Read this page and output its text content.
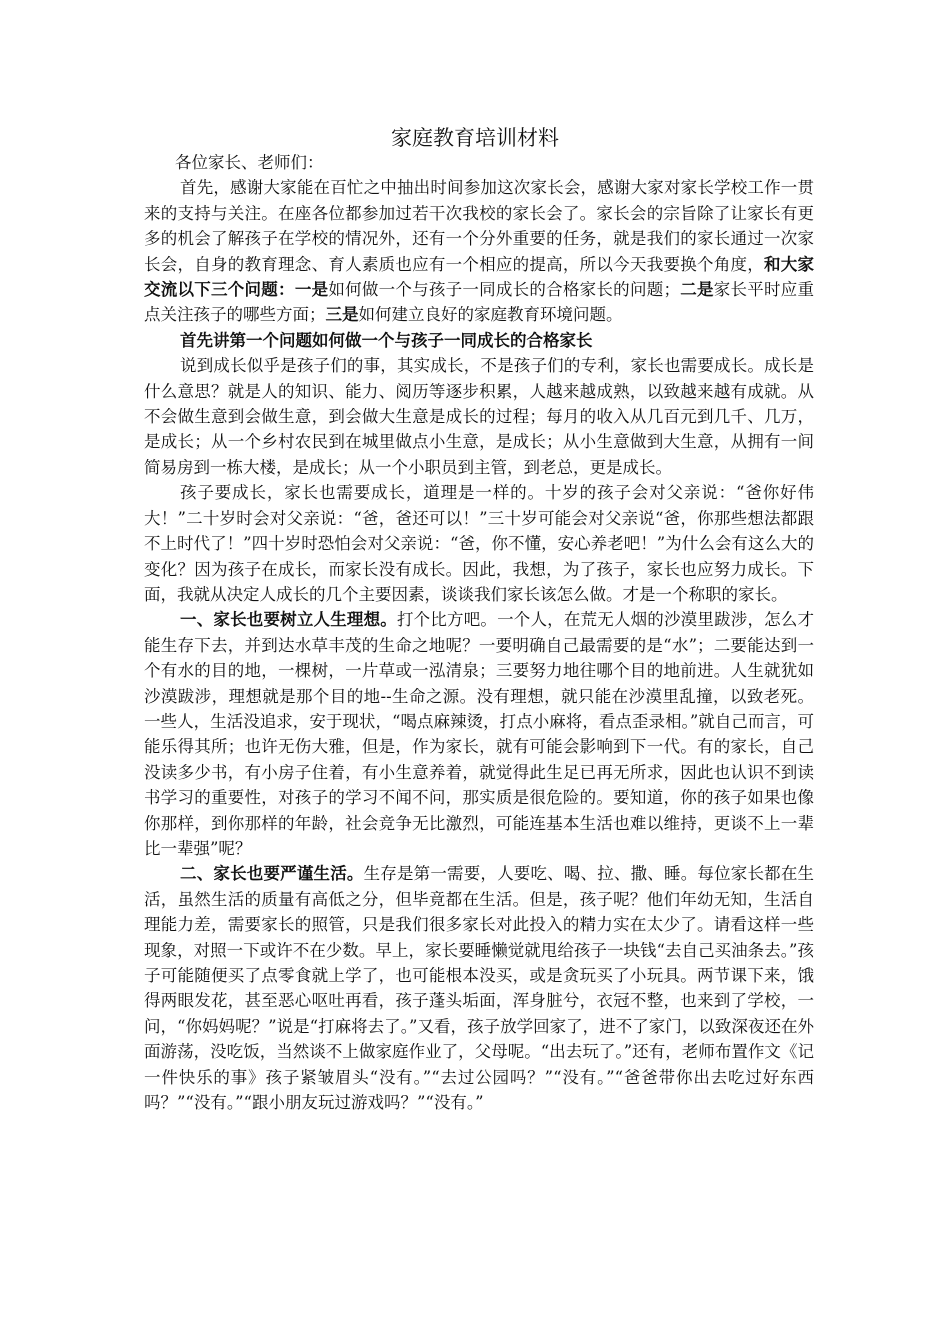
家庭教育培训材料

各位家长、老师们：

首先，感谢大家能在百忙之中抽出时间参加这次家长会，感谢大家对家长学校工作一贯来的支持与关注。在座各位都参加过若干次我校的家长会了。家长会的宗旨除了让家长有更多的机会了解孩子在学校的情况外，还有一个分外重要的任务，就是我们的家长通过一次家长会，自身的教育理念、育人素质也应有一个相应的提高，所以今天我要换个角度，和大家交流以下三个问题：一是如何做一个与孩子一同成长的合格家长的问题；二是家长平时应重点关注孩子的哪些方面；三是如何建立良好的家庭教育环境问题。

首先讲第一个问题如何做一个与孩子一同成长的合格家长

说到成长似乎是孩子们的事，其实成长，不是孩子们的专利，家长也需要成长。成长是什么意思？就是人的知识、能力、阅历等逐步积累，人越来越成熟，以致越来越有成就。从不会做生意到会做生意，到会做大生意是成长的过程；每月的收入从几百元到几千、几万，是成长；从一个乡村农民到在城里做点小生意，是成长；从小生意做到大生意，从拥有一间简易房到一栋大楼，是成长；从一个小职员到主管，到老总，更是成长。

孩子要成长，家长也需要成长，道理是一样的。十岁的孩子会对父亲说：“爸你好伟大！”二十岁时会对父亲说：“爸，爸还可以！”三十岁可能会对父亲说“爸，你那些想法都跟不上时代了！”四十岁时恐怕会对父亲说：“爸，你不懂，安心养老吧！”为什么会有这么大的变化？因为孩子在成长，而家长没有成长。因此，我想，为了孩子，家长也应努力成长。下面，我就从决定人成长的几个主要因素，谈谈我们家长该怎么做。才是一个称职的家长。

一、家长也要树立人生理想。打个比方吧。一个人，在荒无人烟的沙漠里跋涉，怎么才能生存下去，并到达水草丰茂的生命之地呢？一要明确自己最需要的是“水”；二要能达到一个有水的目的地，一棵树，一片草或一泓清泉；三要努力地往哪个目的地前进。人生就犹如沙漠跋涉，理想就是那个目的地--生命之源。没有理想，就只能在沙漠里乱撞，以致老死。一些人，生活没追求，安于现状，“喝点麻辣烫，打点小麻将，看点歪录相。”就自己而言，可能乐得其所；也许无伤大雅，但是，作为家长，就有可能会影响到下一代。有的家长，自己没读多少书，有小房子住着，有小生意养着，就觉得此生足已再无所求，因此也认识不到读书学习的重要性，对孩子的学习不闻不问，那实质是很危险的。要知道，你的孩子如果也像你那样，到你那样的年龄，社会竞争无比激烈，可能连基本生活也难以维持，更谈不上一辈比一辈强”呢？

二、家长也要严谨生活。生存是第一需要，人要吃、喝、拉、撒、睡。每位家长都在生活，虽然生活的质量有高低之分，但毕竟都在生活。但是，孩子呢？他们年幼无知，生活自理能力差，需要家长的照管，只是我们很多家长对此投入的精力实在太少了。请看这样一些现象，对照一下或许不在少数。早上，家长要睡懒觉就甩给孩子一块钱“去自己买油条去。”孩子可能随便买了点零食就上学了，也可能根本没买，或是贪玩买了小玩具。两节课下来，饿得两眼发花，甚至恶心呕吐再看，孩子蓬头垢面，浑身脏兮，衣冠不整，也来到了学校，一问，“你妈妈呢？”说是“打麻将去了。”又看，孩子放学回家了，进不了家门，以致深夜还在外面游荡，没吃饭，当然谈不上做家庭作业了，父母呢。“出去玩了。”还有，老师布置作文《记一件快乐的事》孩子紧皱眉头“没有。”“去过公园吗？”“没有。”“爸爸带你出去吃过好东西吗？”“没有。”“跟小朋友玩过游戏吗？”“没有。”
